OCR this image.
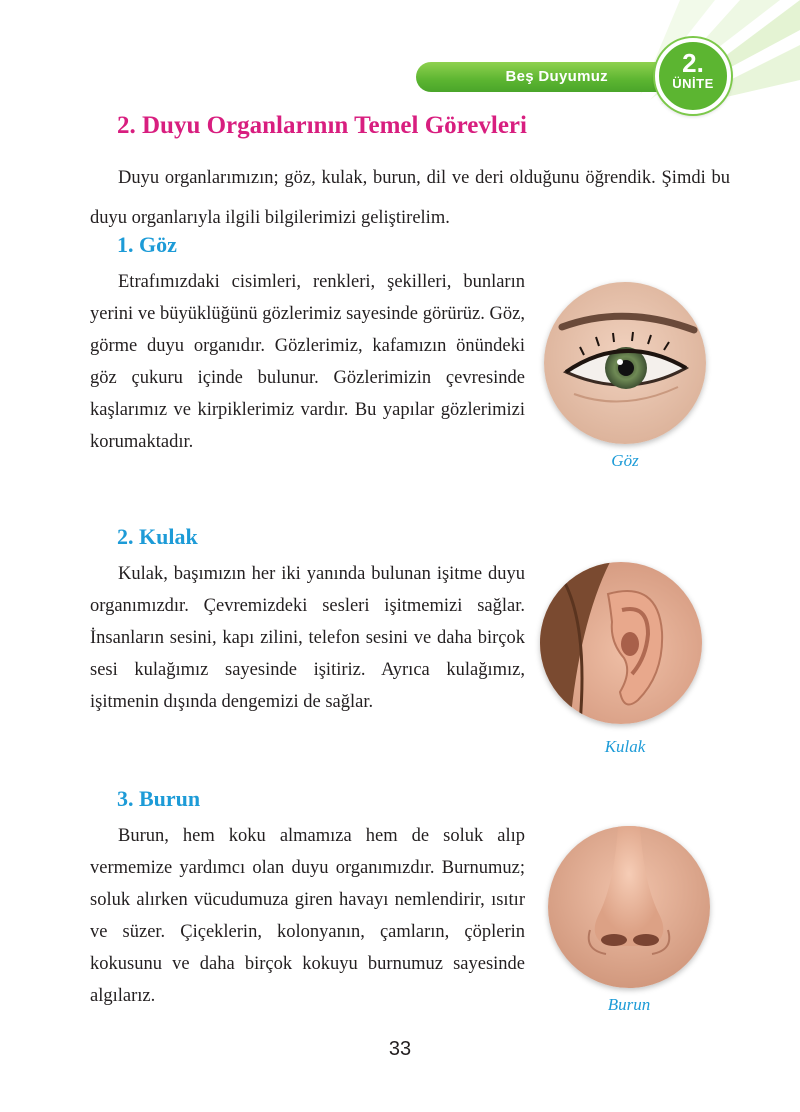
Beş Duyumuz	2.
ÜNİTE
2. Duyu Organlarının Temel Görevleri

Duyu organlarımızın; göz, kulak, burun, dil ve deri olduğunu öğrendik. Şimdi bu duyu organlarıyla ilgili bilgilerimizi geliştirelim.

1. Göz

Etrafımızdaki cisimleri, renkleri, şekilleri, bunların yerini ve büyüklüğünü gözlerimiz sayesinde görürüz. Göz, görme duyu organıdır. Gözlerimiz, kafamızın önündeki göz çukuru içinde bulunur. Gözlerimizin çevresinde kaşlarımız ve kirpiklerimiz vardır. Bu yapılar gözlerimizi korumaktadır.

Göz
2. Kulak

Kulak, başımızın her iki yanında bulunan işitme duyu organımızdır. Çevremizdeki sesleri işitmemizi sağlar. İnsanların sesini, kapı zilini, telefon sesini ve daha birçok sesi kulağımız sayesinde işitiriz. Ayrıca kulağımız, işitmenin dışında dengemizi de sağlar.

Kulak
3. Burun

Burun, hem koku almamıza hem de soluk alıp vermemize yardımcı olan duyu organımızdır. Burnumuz; soluk alırken vücudumuza giren havayı nemlendirir, ısıtır ve süzer. Çiçeklerin, kolonyanın, çamların, çöplerin kokusunu ve daha birçok kokuyu burnumuz sayesinde algılarız.	Burun
33
